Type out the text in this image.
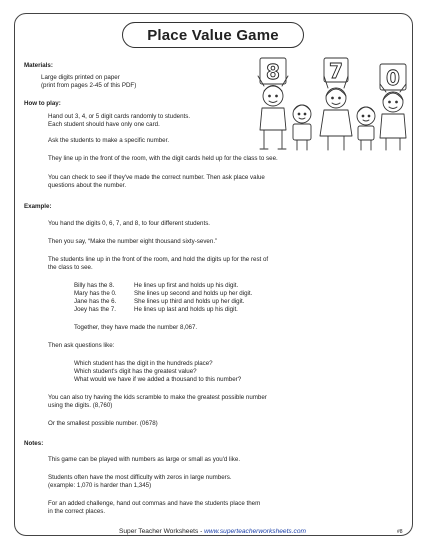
Place Value Game
8 7 0
Materials:
Large digits printed on paper
(print from pages 2-45 of this PDF)
How to play:
Hand out 3, 4, or 5 digit cards randomly to students.
Each student should have only one card.
Ask the students to make a specific number.
They line up in the front of the room, with the digit cards held up for the class to see.
You can check to see if they've made the correct number. Then ask place value
questions about the number.
Example:
You hand the digits 0, 6, 7, and 8, to four different students.
Then you say, “Make the number eight thousand sixty-seven.”
The students line up in the front of the room, and hold the digits up for the rest of
the class to see.
Billy has the 8.	He lines up first and holds up his digit.
Mary has the 0.	She lines up second and holds up her digit.
Jane has the 6.	She lines up third and holds up her digit.
Joey has the 7.	He lines up last and holds up his digit.
Together, they have made the number 8,067.
Then ask questions like:
Which student has the digit in the hundreds place?
Which student's digit has the greatest value?
What would we have if we added a thousand to this number?
You can also try having the kids scramble to make the greatest possible number
using the digits. (8,760)
Or the smallest possible number. (0678)
Notes:
This game can be played with numbers as large or small as you'd like.
Students often have the most difficulty with zeros in large numbers.
(example: 1,070 is harder than 1,345)
For an added challenge, hand out commas and have the students place them
in the correct places.
Super Teacher Worksheets - www.superteacherworksheets.com	#8
